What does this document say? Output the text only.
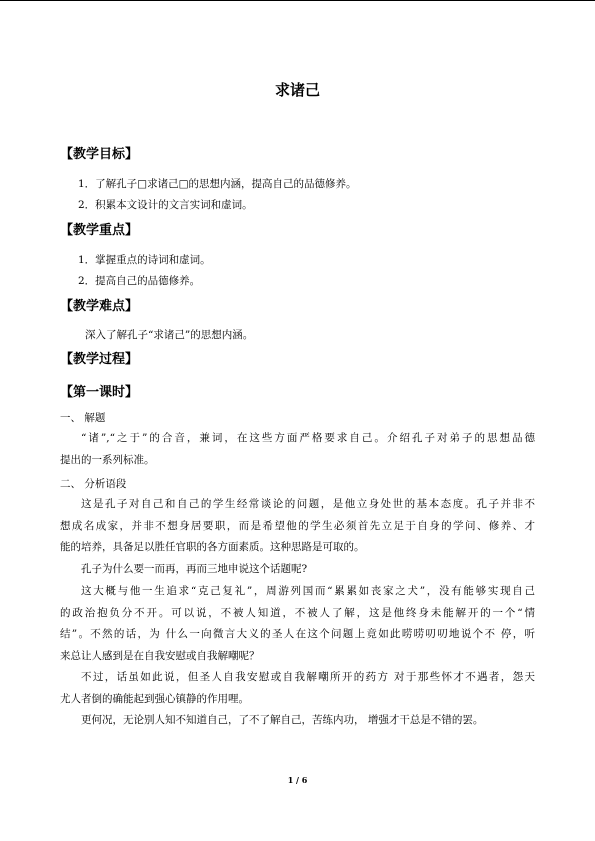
求诸己
【教学目标】

1．了解孔子□求诸己□的思想内涵，提高自己的品德修养。

2．积累本文设计的文言实词和虚词。

【教学重点】

1．掌握重点的诗词和虚词。

2．提高自己的品德修养。

【教学难点】

深入了解孔子“求诸己”的思想内涵。

【教学过程】
【第一课时】

一、 解题

“诸”,“之于”的合音，兼词，在这些方面严格要求自己。介绍孔子对弟子的思想品德
提出的一系列标准。

二、 分析语段

这是孔子对自己和自己的学生经常谈论的问题，是他立身处世的基本态度。孔子并非不
想成名成家，并非不想身居要职，而是希望他的学生必须首先立足于自身的学问、修养、才
能的培养，具备足以胜任官职的各方面素质。这种思路是可取的。
孔子为什么要一而再，再而三地申说这个话题呢?
这大概与他一生追求“克己复礼”，周游列国而“累累如丧家之犬”，没有能够实现自己
的政治抱负分不开。可以说，不被人知道，不被人了解，这是他终身未能解开的一个“情
结”。不然的话，为 什么一向微言大义的圣人在这个问题上竟如此唠唠叨叨地说个不 停，听
来总让人感到是在自我安慰或自我解嘲呢？
不过，话虽如此说，但圣人自我安慰或自我解嘲所开的药方 对于那些怀才不遇者，怨天
尤人者倒的确能起到强心镇静的作用哩。
更何况，无论别人知不知道自己，了不了解自己，苦练内功， 增强才干总是不错的罢。

1 / 6
